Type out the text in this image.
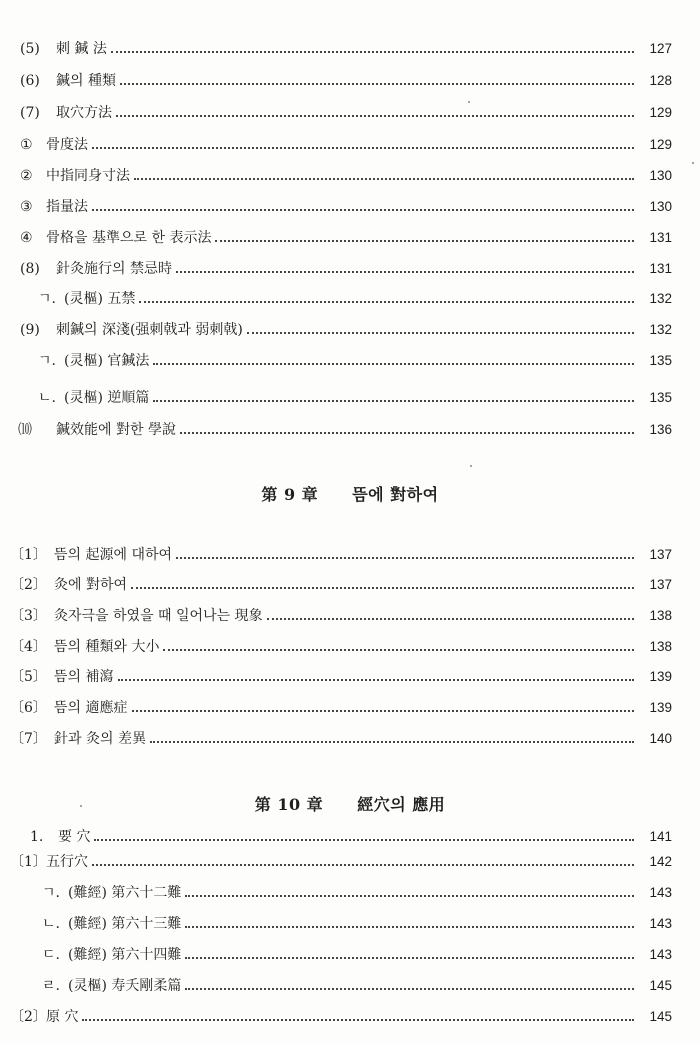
(5)	刺 鍼 法	127
(6)	鍼의 種類	128
(7)	取穴方法	129
① 骨度法	129
② 中指同身寸法	130
③ 指量法	130
④ 骨格을 基準으로 한 表示法	131
(8)	針灸施行의 禁忌時	131
ㄱ. (灵樞) 五禁	132
(9)	刺鍼의 深淺(强刺戟과 弱刺戟)	132
ㄱ. (灵樞) 官鍼法	135
ㄴ. (灵樞) 逆順篇	135
⑽	鍼效能에 對한 學說	136
第 9 章 뜸에 對하여
〔1〕 뜸의 起源에 대하여	137
〔2〕 灸에 對하여	137
〔3〕 灸자극을 하였을 때 일어나는 現象	138
〔4〕 뜸의 種類와 大小	138
〔5〕 뜸의 補瀉	139
〔6〕 뜸의 適應症	139
〔7〕 針과 灸의 差異	140
第 10 章 經穴의 應用
1.	要 穴	141
〔1〕 五行穴	142
ㄱ. (難經) 第六十二難	143
ㄴ. (難經) 第六十三難	143
ㄷ. (難經) 第六十四難	143
ㄹ. (灵樞) 寿夭剛柔篇	145
〔2〕 原 穴	145
